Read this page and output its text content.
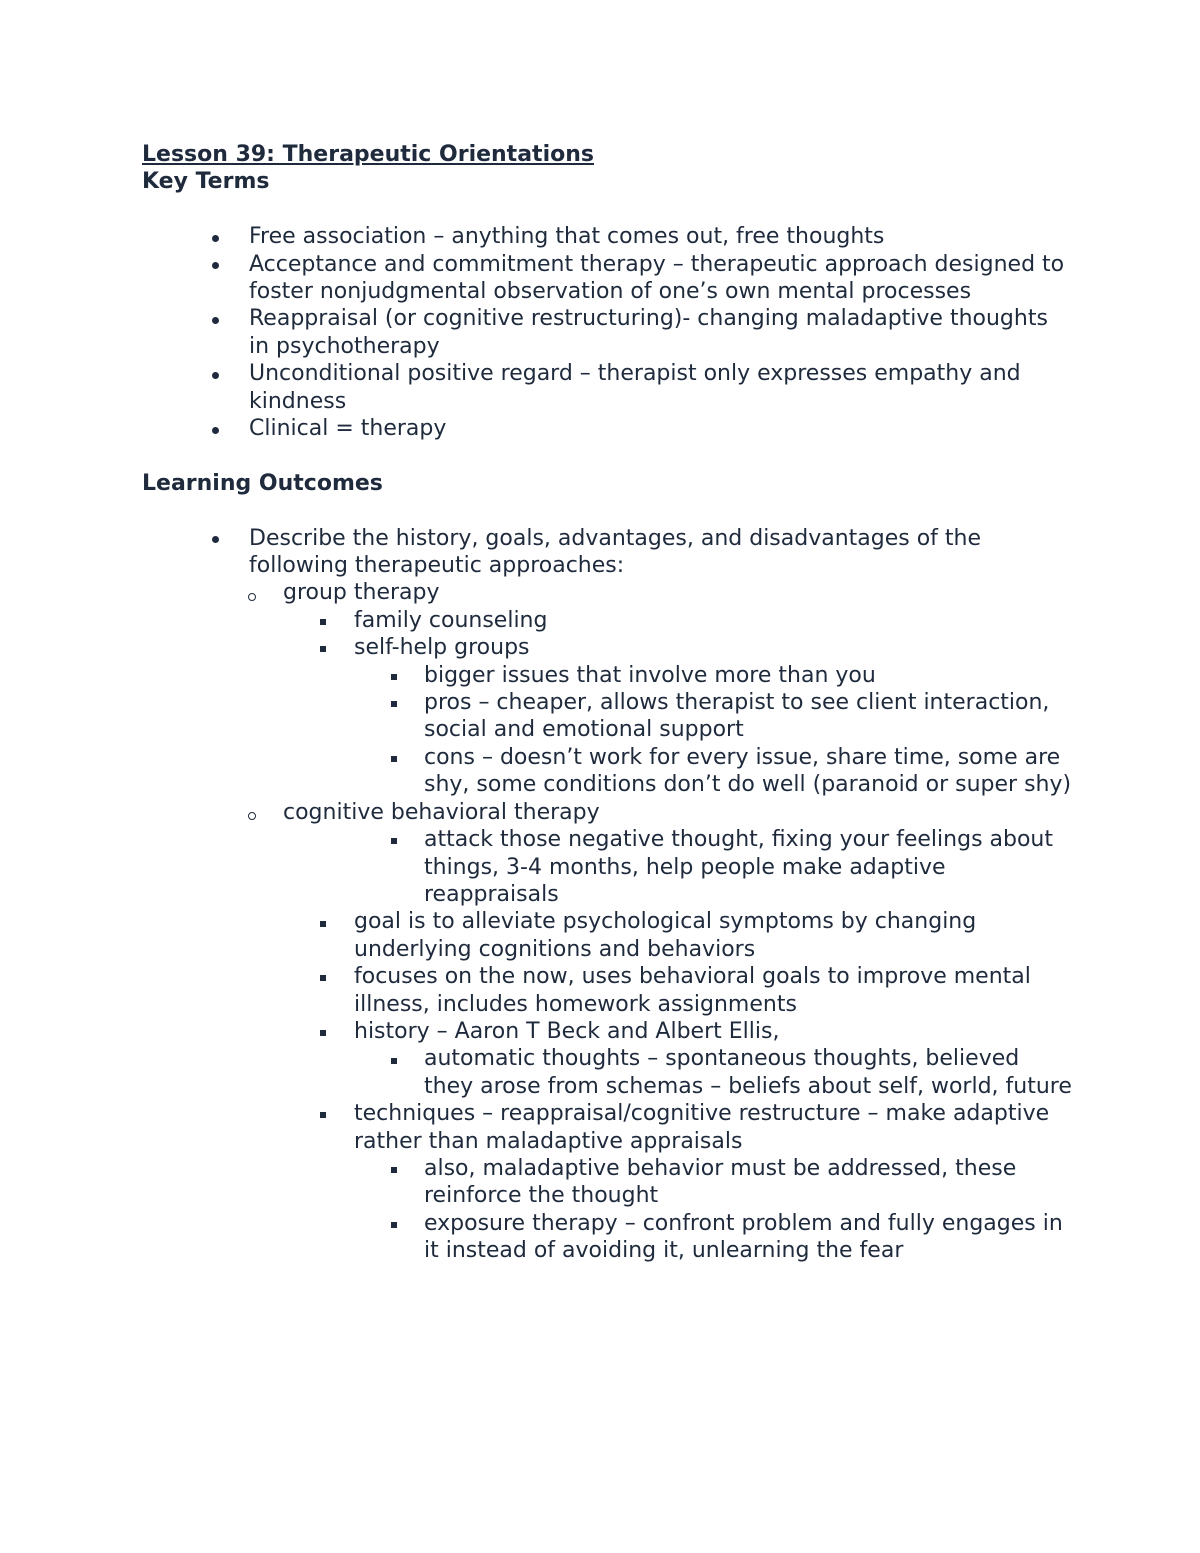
Lesson 39: Therapeutic Orientations
Key Terms
Free association – anything that comes out, free thoughts
Acceptance and commitment therapy – therapeutic approach designed to foster nonjudgmental observation of one’s own mental processes
Reappraisal (or cognitive restructuring)- changing maladaptive thoughts in psychotherapy
Unconditional positive regard – therapist only expresses empathy and kindness
Clinical = therapy
Learning Outcomes
Describe the history, goals, advantages, and disadvantages of the following therapeutic approaches:
group therapy
family counseling
self-help groups
bigger issues that involve more than you
pros – cheaper, allows therapist to see client interaction, social and emotional support
cons – doesn’t work for every issue, share time, some are shy, some conditions don’t do well (paranoid or super shy)
cognitive behavioral therapy
attack those negative thought, fixing your feelings about things, 3-4 months, help people make adaptive reappraisals
goal is to alleviate psychological symptoms by changing underlying cognitions and behaviors
focuses on the now, uses behavioral goals to improve mental illness, includes homework assignments
history – Aaron T Beck and Albert Ellis,
automatic thoughts – spontaneous thoughts, believed they arose from schemas – beliefs about self, world, future
techniques – reappraisal/cognitive restructure – make adaptive rather than maladaptive appraisals
also, maladaptive behavior must be addressed, these reinforce the thought
exposure therapy – confront problem and fully engages in it instead of avoiding it, unlearning the fear
